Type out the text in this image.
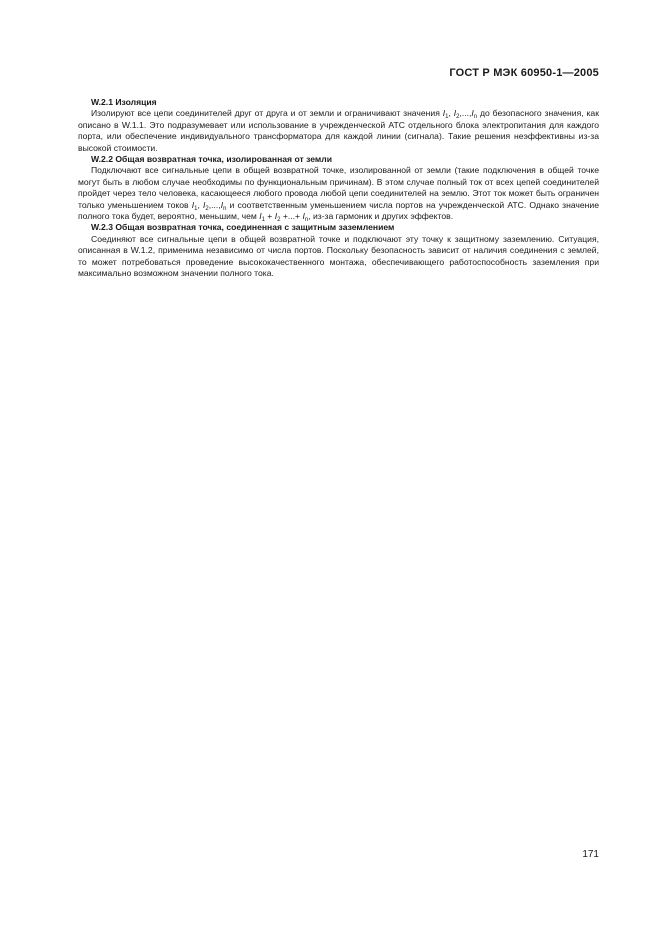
ГОСТ Р МЭК 60950-1—2005

W.2.1 Изоляция

Изолируют все цепи соединителей друг от друга и от земли и ограничивают значения $I_1$, $I_2,...,I_n$ до безопасного значения, как описано в W.1.1. Это подразумевает или использование в учрежденческой АТС отдельного блока электропитания для каждого порта, или обеспечение индивидуального трансформатора для каждой линии (сигнала). Такие решения неэффективны из-за высокой стоимости.

W.2.2 Общая возвратная точка, изолированная от земли

Подключают все сигнальные цепи в общей возвратной точке, изолированной от земли (такие подключения в общей точке могут быть в любом случае необходимы по функциональным причинам). В этом случае полный ток от всех цепей соединителей пройдет через тело человека, касающееся любого провода любой цепи соединителей на землю. Этот ток может быть ограничен только уменьшением токов $I_1$, $I_2,...,I_n$ и соответственным уменьшением числа портов на учрежденческой АТС. Однако значение полного тока будет, вероятно, меньшим, чем $I_1 + I_2$ +...+ $I_n$, из-за гармоник и других эффектов.

W.2.3 Общая возвратная точка, соединенная с защитным заземлением

Соединяют все сигнальные цепи в общей возвратной точке и подключают эту точку к защитному заземлению. Ситуация, описанная в W.1.2, применима независимо от числа портов. Поскольку безопасность зависит от наличия соединения с землей, то может потребоваться проведение высококачественного монтажа, обеспечивающего работоспособность заземления при максимально возможном значении полного тока.

171
